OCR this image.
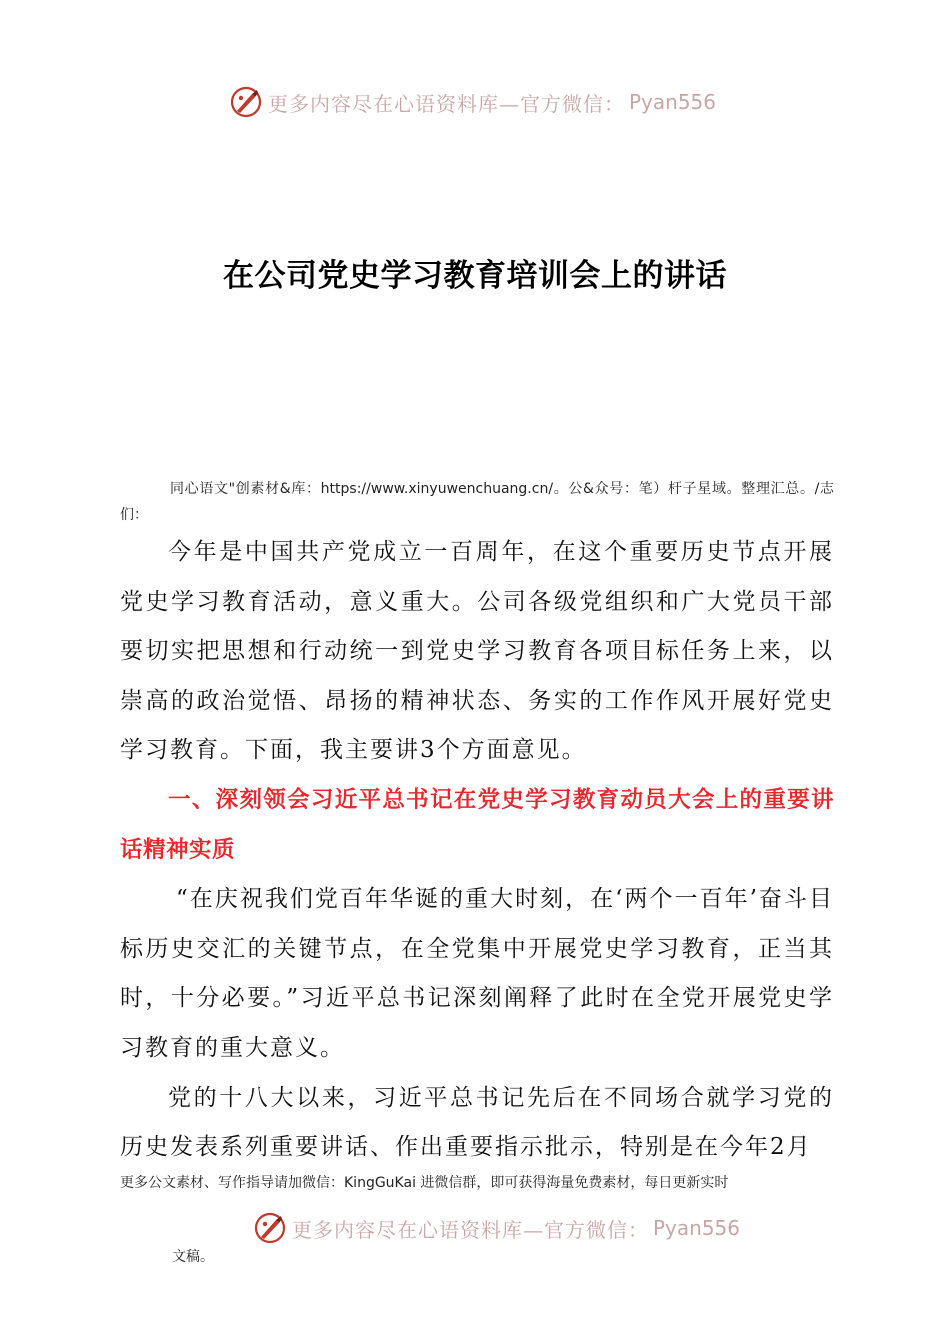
更多内容尽在心语资料库—官方微信： Pyan556
在公司党史学习教育培训会上的讲话
同心语文"创素材&库：https://www.xinyuwenchuang.cn/。公&众号：笔）杆子星域。整理汇总。/志们：

今年是中国共产党成立一百周年，在这个重要历史节点开展党史学习教育活动，意义重大。公司各级党组织和广大党员干部要切实把思想和行动统一到党史学习教育各项目标任务上来，以崇高的政治觉悟、昂扬的精神状态、务实的工作作风开展好党史学习教育。下面，我主要讲3个方面意见。

一、深刻领会习近平总书记在党史学习教育动员大会上的重要讲话精神实质

“在庆祝我们党百年华诞的重大时刻，在‘两个一百年’奋斗目标历史交汇的关键节点，在全党集中开展党史学习教育，正当其时，十分必要。”习近平总书记深刻阐释了此时在全党开展党史学习教育的重大意义。

党的十八大以来，习近平总书记先后在不同场合就学习党的历史发表系列重要讲话、作出重要指示批示，特别是在今年2月

更多公文素材、写作指导请加微信：KingGuKai 进微信群，即可获得海量免费素材，每日更新实时
更多内容尽在心语资料库—官方微信： Pyan556
文稿。
